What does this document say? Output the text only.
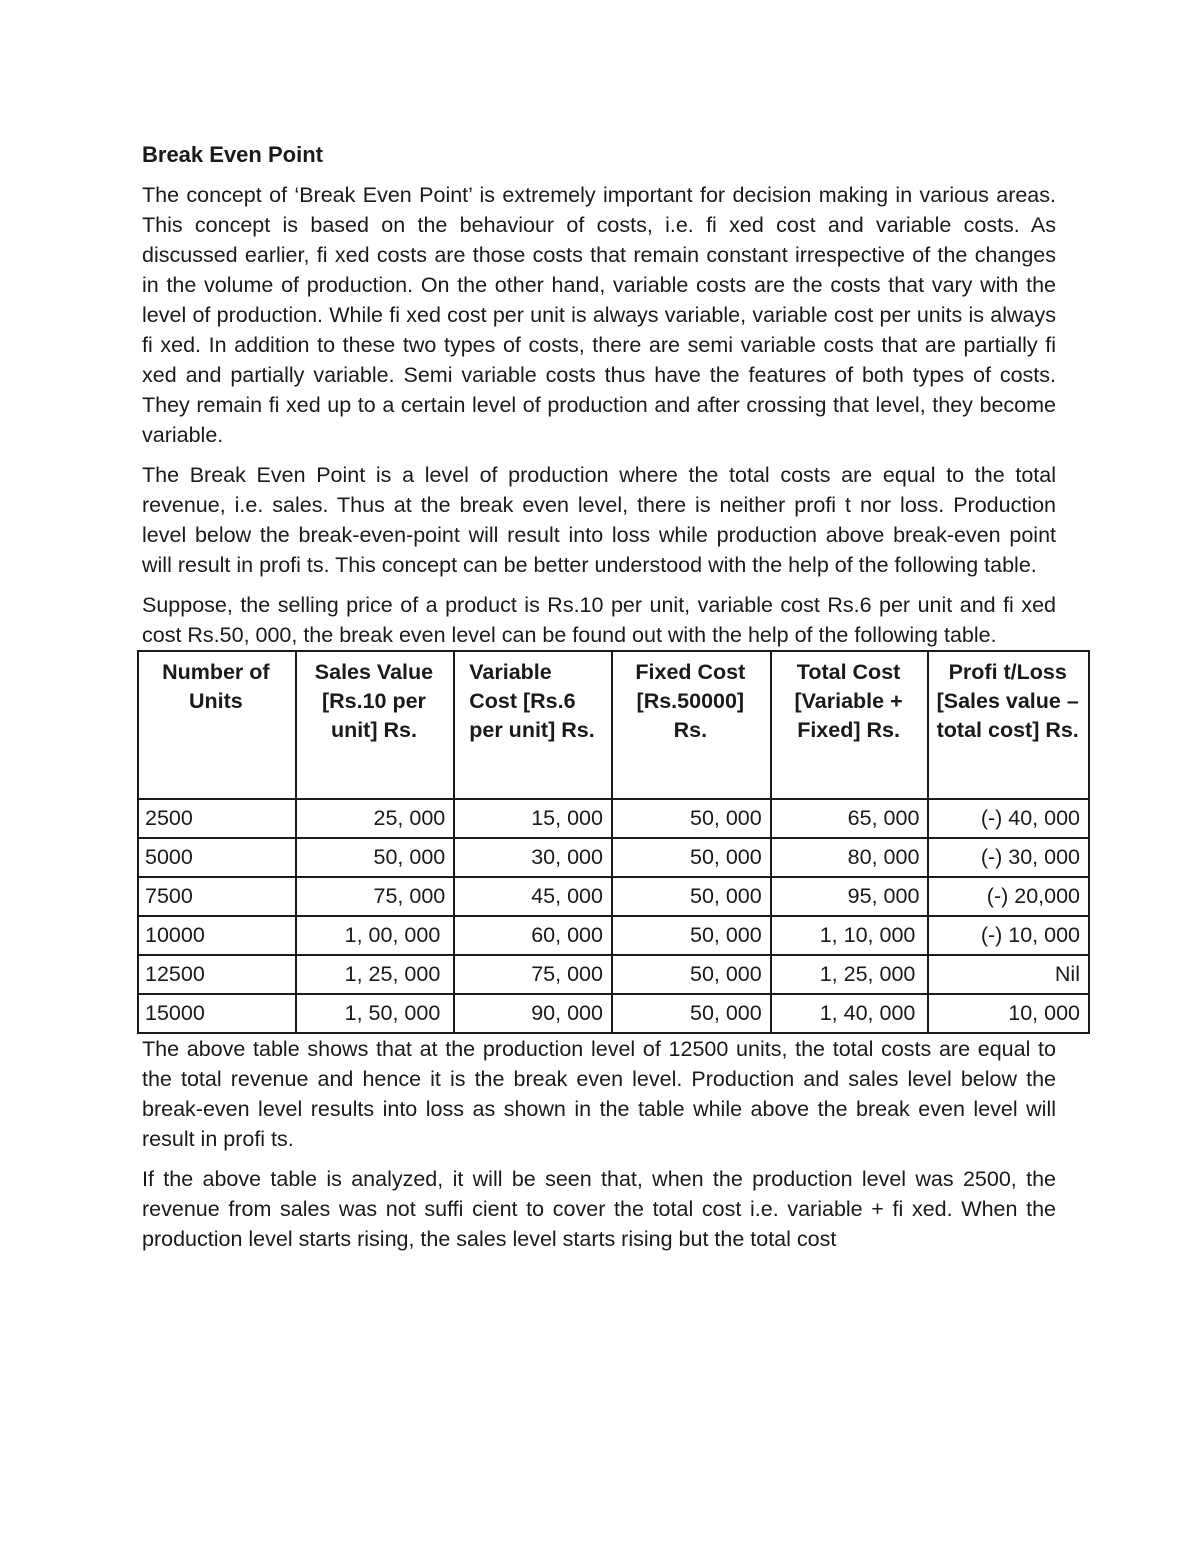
Break Even Point

The concept of ‘Break Even Point’ is extremely important for decision making in various areas. This concept is based on the behaviour of costs, i.e. fi xed cost and variable costs. As discussed earlier, fi xed costs are those costs that remain constant irrespective of the changes in the volume of production. On the other hand, variable costs are the costs that vary with the level of production. While fi xed cost per unit is always variable, variable cost per units is always fi xed. In addition to these two types of costs, there are semi variable costs that are partially fi xed and partially variable. Semi variable costs thus have the features of both types of costs. They remain fi xed up to a certain level of production and after crossing that level, they become variable.

The Break Even Point is a level of production where the total costs are equal to the total revenue, i.e. sales. Thus at the break even level, there is neither profi t nor loss. Production level below the break-even-point will result into loss while production above break-even point will result in profi ts. This concept can be better understood with the help of the following table.

Suppose, the selling price of a product is Rs.10 per unit, variable cost Rs.6 per unit and fi xed cost Rs.50, 000, the break even level can be found out with the help of the following table.

Number of Units	Sales Value [Rs.10 per unit] Rs.	Variable Cost [Rs.6 per unit] Rs.	Fixed Cost [Rs.50000] Rs.	Total Cost [Variable + Fixed] Rs.	Profi t/Loss [Sales value – total cost] Rs.
2500	25, 000	15, 000	50, 000	65, 000	(-) 40, 000
5000	50, 000	30, 000	50, 000	80, 000	(-) 30, 000
7500	75, 000	45, 000	50, 000	95, 000	(-) 20,000
10000	1, 00, 000	60, 000	50, 000	1, 10, 000	(-) 10, 000
12500	1, 25, 000	75, 000	50, 000	1, 25, 000	Nil
15000	1, 50, 000	90, 000	50, 000	1, 40, 000	10, 000

The above table shows that at the production level of 12500 units, the total costs are equal to the total revenue and hence it is the break even level. Production and sales level below the break-even level results into loss as shown in the table while above the break even level will result in profi ts.

If the above table is analyzed, it will be seen that, when the production level was 2500, the revenue from sales was not suffi cient to cover the total cost i.e. variable + fi xed. When the production level starts rising, the sales level starts rising but the total cost
